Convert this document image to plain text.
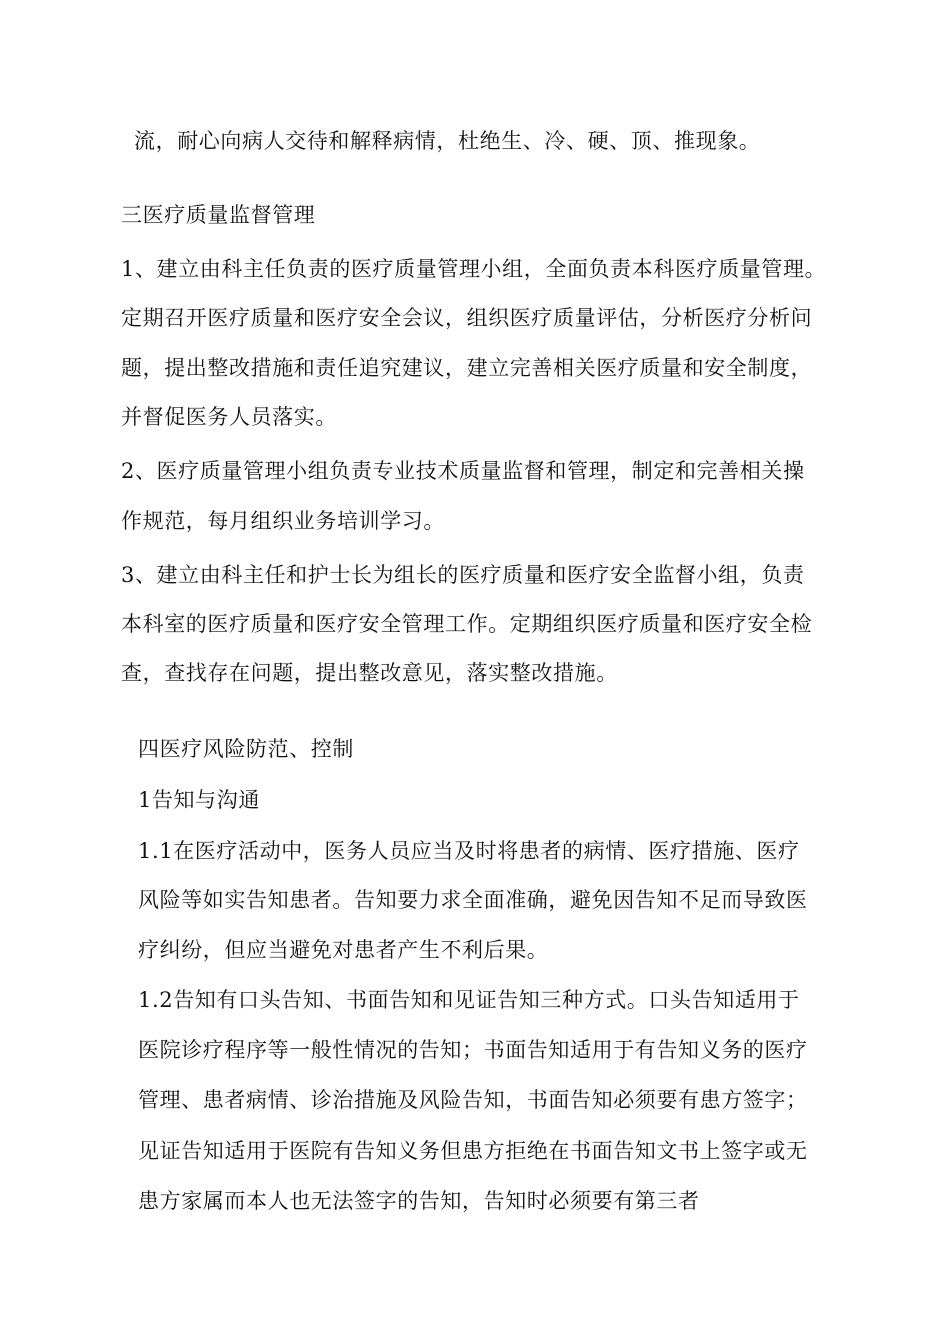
流，耐心向病人交待和解释病情，杜绝生、冷、硬、顶、推现象。
三医疗质量监督管理
1、建立由科主任负责的医疗质量管理小组，全面负责本科医疗质量管理。
定期召开医疗质量和医疗安全会议，组织医疗质量评估，分析医疗分析问
题，提出整改措施和责任追究建议，建立完善相关医疗质量和安全制度，
并督促医务人员落实。
2、医疗质量管理小组负责专业技术质量监督和管理，制定和完善相关操
作规范，每月组织业务培训学习。
3、建立由科主任和护士长为组长的医疗质量和医疗安全监督小组，负责
本科室的医疗质量和医疗安全管理工作。定期组织医疗质量和医疗安全检
查，查找存在问题，提出整改意见，落实整改措施。
四医疗风险防范、控制
1告知与沟通
1.1在医疗活动中，医务人员应当及时将患者的病情、医疗措施、医疗
风险等如实告知患者。告知要力求全面准确，避免因告知不足而导致医
疗纠纷，但应当避免对患者产生不利后果。
1.2告知有口头告知、书面告知和见证告知三种方式。口头告知适用于
医院诊疗程序等一般性情况的告知；书面告知适用于有告知义务的医疗
管理、患者病情、诊治措施及风险告知，书面告知必须要有患方签字；
见证告知适用于医院有告知义务但患方拒绝在书面告知文书上签字或无
患方家属而本人也无法签字的告知，告知时必须要有第三者
